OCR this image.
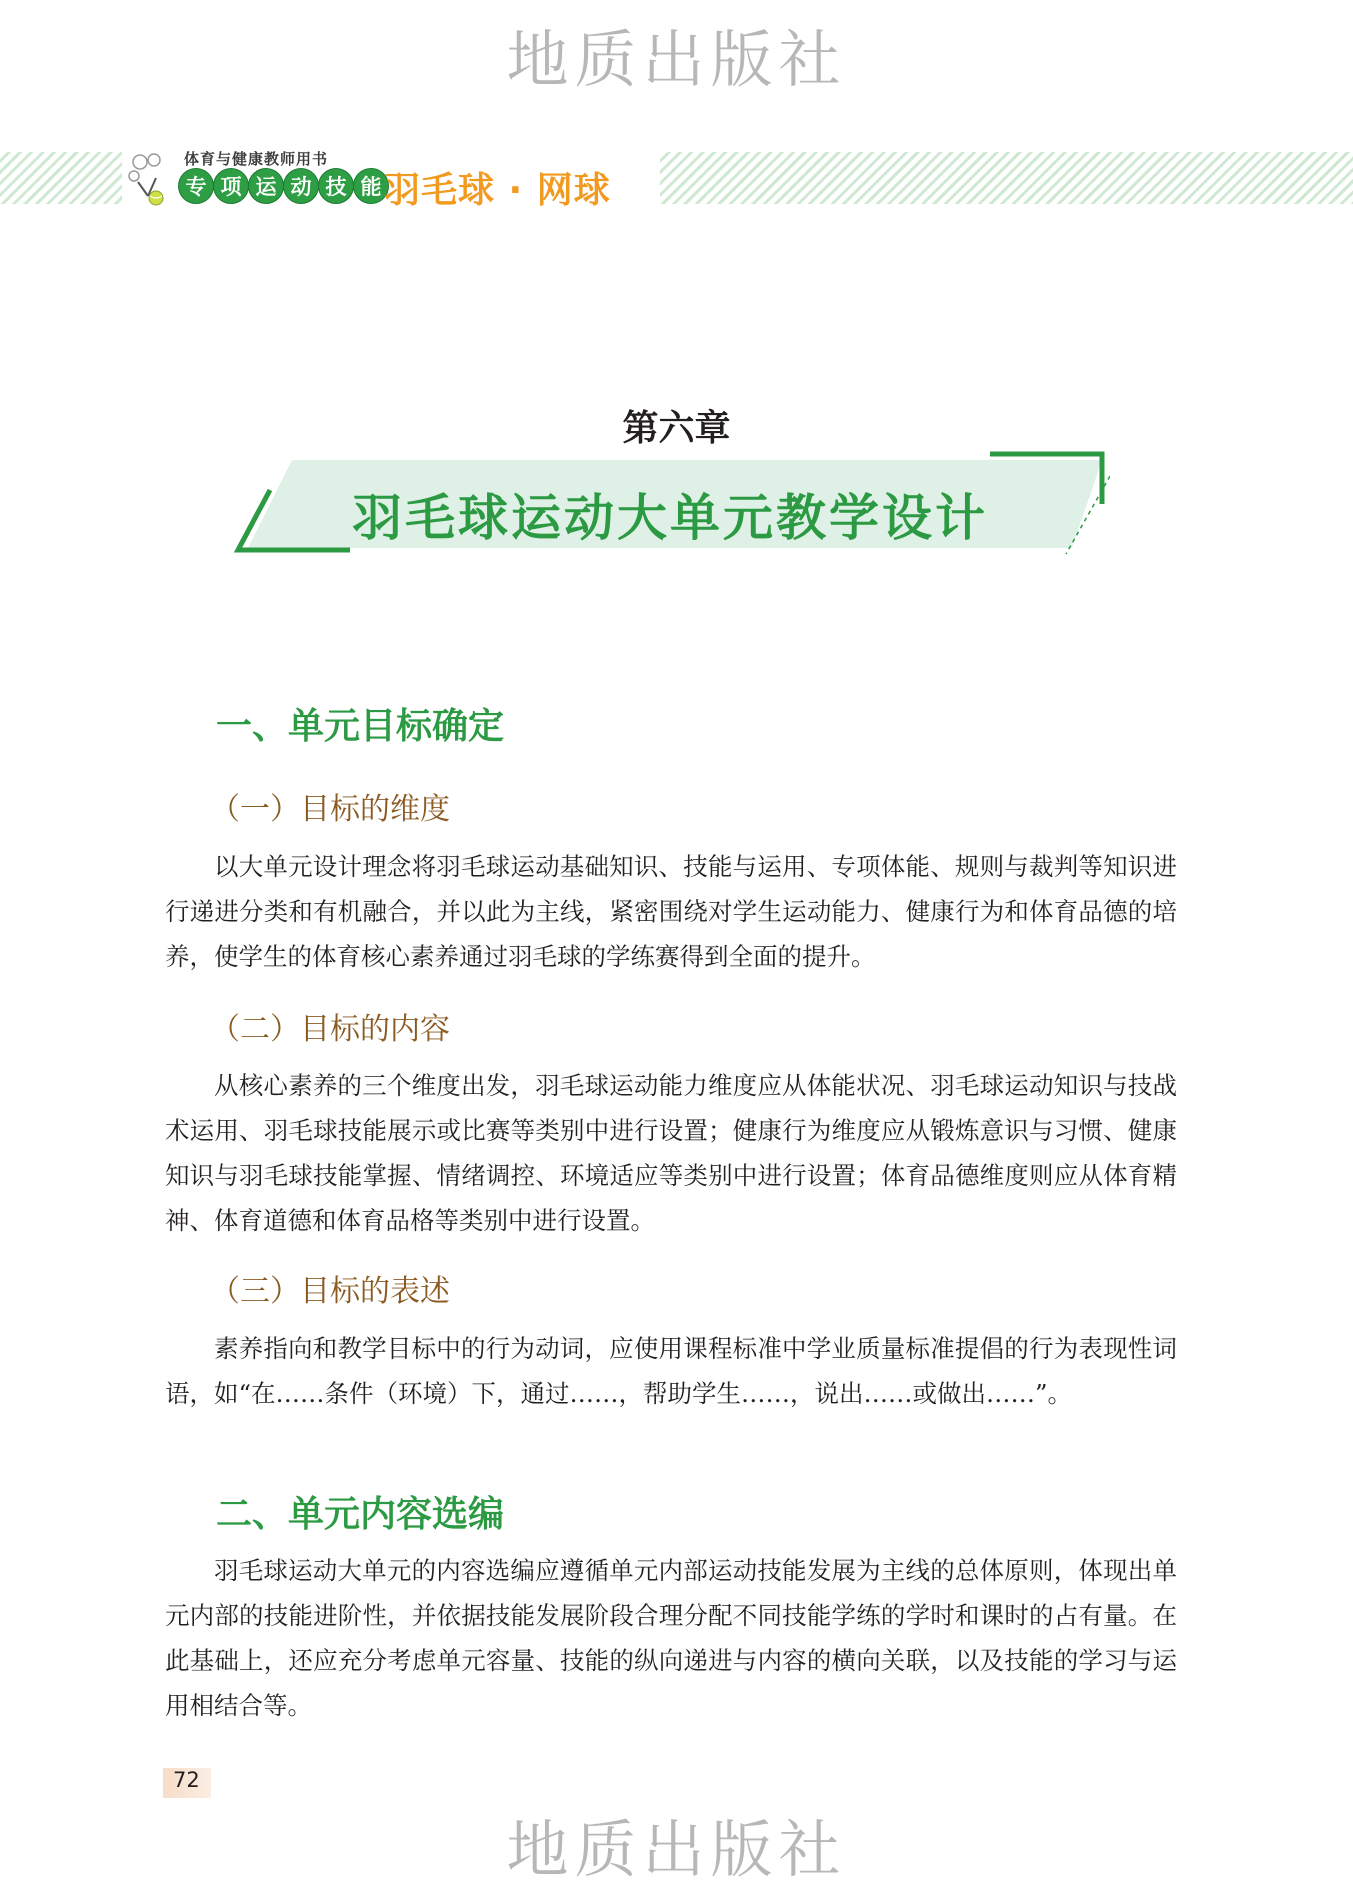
地质出版社
体育与健康教师用书
专 项 运 动 技 能 羽毛球 · 网球
第六章
羽毛球运动大单元教学设计
一、单元目标确定
（一）目标的维度
以大单元设计理念将羽毛球运动基础知识、技能与运用、专项体能、规则与裁判等知识进行递进分类和有机融合，并以此为主线，紧密围绕对学生运动能力、健康行为和体育品德的培养，使学生的体育核心素养通过羽毛球的学练赛得到全面的提升。
（二）目标的内容
从核心素养的三个维度出发，羽毛球运动能力维度应从体能状况、羽毛球运动知识与技战术运用、羽毛球技能展示或比赛等类别中进行设置；健康行为维度应从锻炼意识与习惯、健康知识与羽毛球技能掌握、情绪调控、环境适应等类别中进行设置；体育品德维度则应从体育精神、体育道德和体育品格等类别中进行设置。
（三）目标的表述
素养指向和教学目标中的行为动词，应使用课程标准中学业质量标准提倡的行为表现性词语，如“在……条件（环境）下，通过……，帮助学生……，说出……或做出……”。
二、单元内容选编
羽毛球运动大单元的内容选编应遵循单元内部运动技能发展为主线的总体原则，体现出单元内部的技能进阶性，并依据技能发展阶段合理分配不同技能学练的学时和课时的占有量。在此基础上，还应充分考虑单元容量、技能的纵向递进与内容的横向关联，以及技能的学习与运用相结合等。
72
地质出版社
